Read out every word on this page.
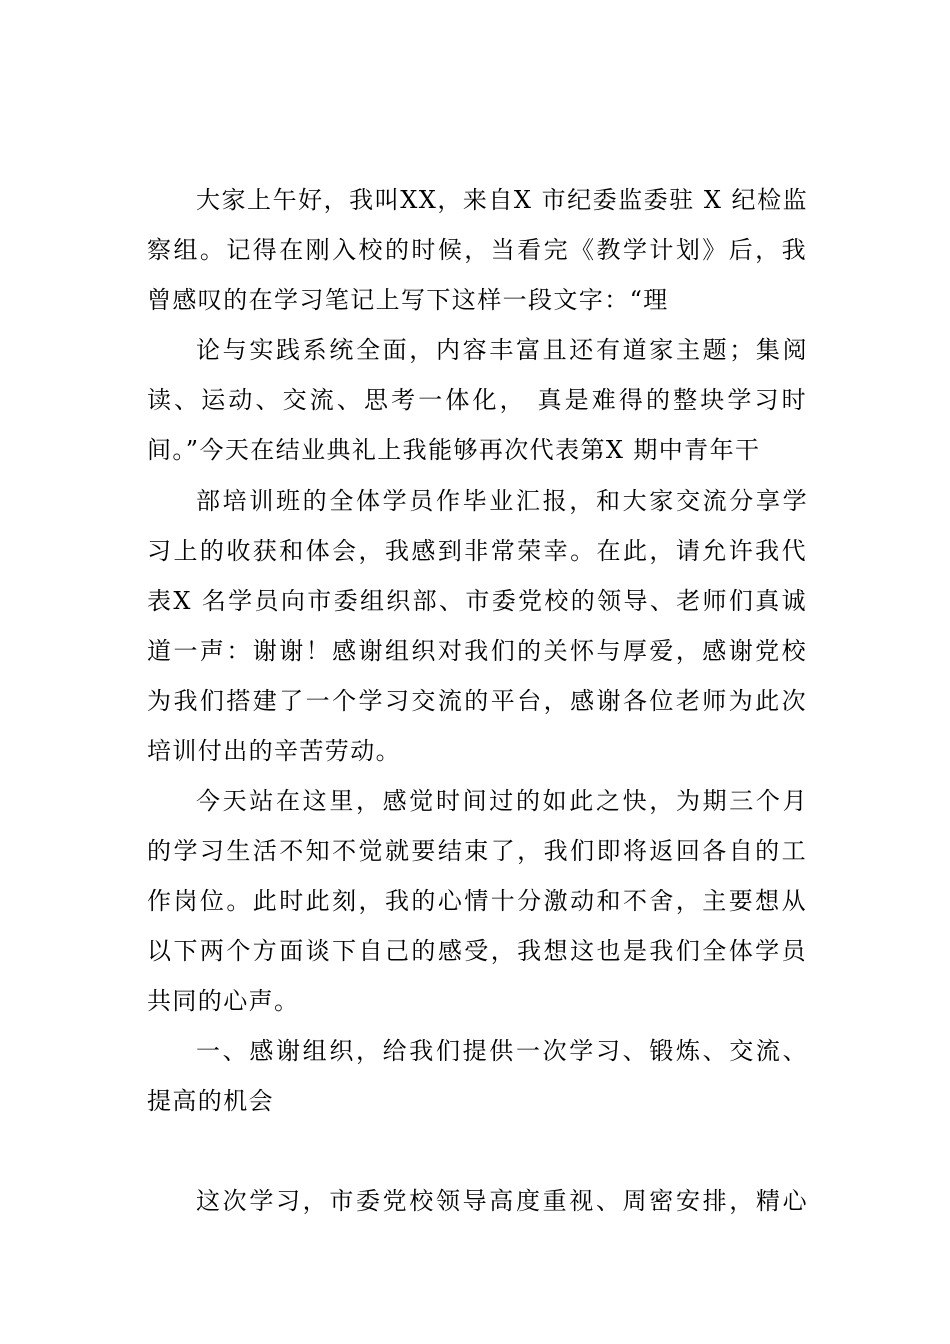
大家上午好，我叫XX，来自X 市纪委监委驻 X 纪检监
察组。记得在刚入校的时候，当看完《教学计划》后，我
曾感叹的在学习笔记上写下这样一段文字：“理
论与实践系统全面，内容丰富且还有道家主题；集阅
读、运动、交流、思考一体化， 真是难得的整块学习时
间。”今天在结业典礼上我能够再次代表第X 期中青年干
部培训班的全体学员作毕业汇报，和大家交流分享学
习上的收获和体会，我感到非常荣幸。在此，请允许我代
表X 名学员向市委组织部、市委党校的领导、老师们真诚
道一声：谢谢！感谢组织对我们的关怀与厚爱，感谢党校
为我们搭建了一个学习交流的平台，感谢各位老师为此次
培训付出的辛苦劳动。
今天站在这里，感觉时间过的如此之快，为期三个月
的学习生活不知不觉就要结束了，我们即将返回各自的工
作岗位。此时此刻，我的心情十分激动和不舍，主要想从
以下两个方面谈下自己的感受，我想这也是我们全体学员
共同的心声。
一、感谢组织，给我们提供一次学习、锻炼、交流、
提高的机会
这次学习，市委党校领导高度重视、周密安排，精心
